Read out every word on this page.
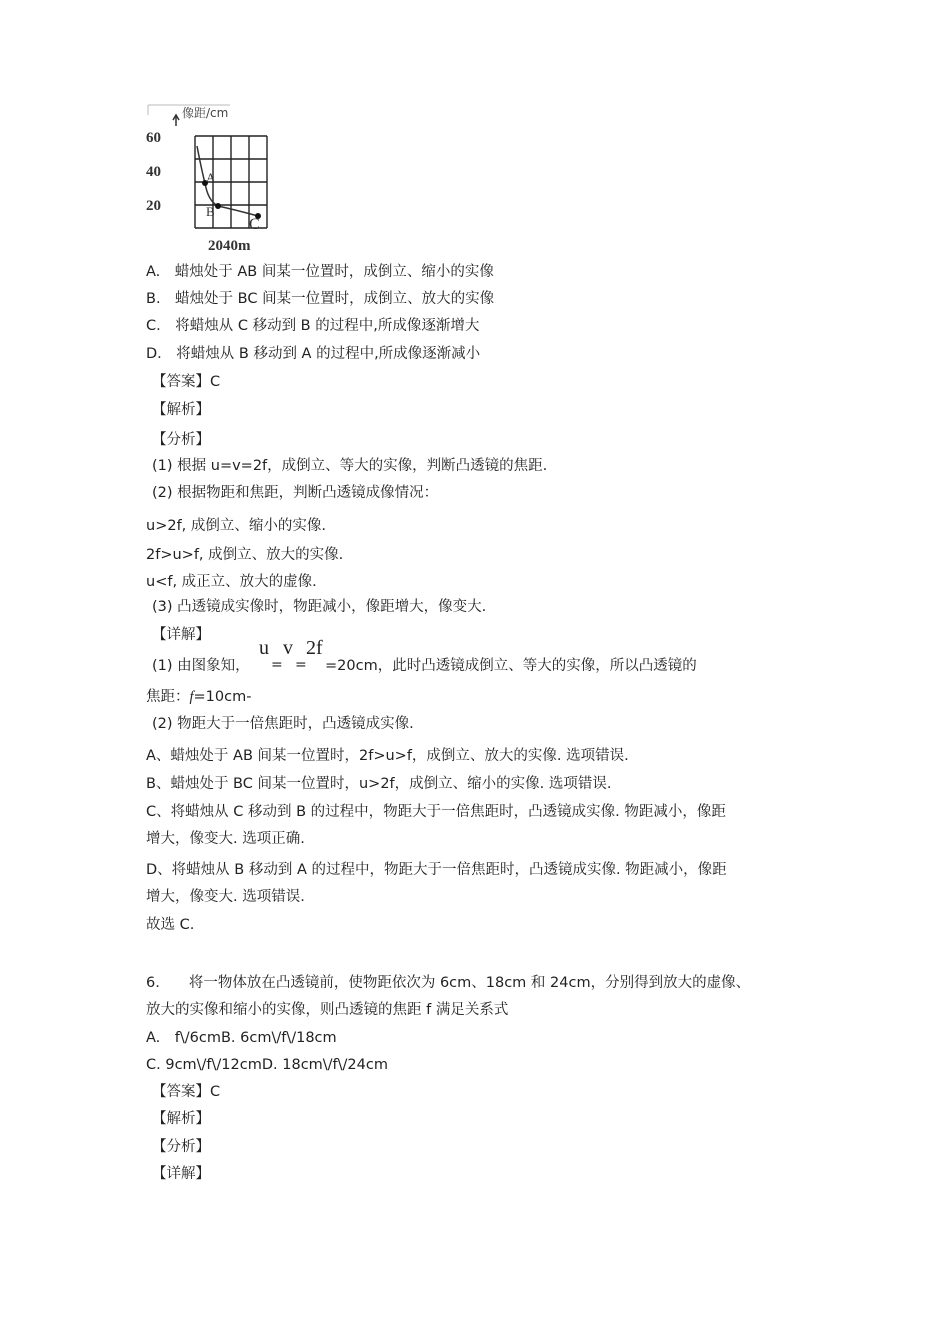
像距/cm
60
40
20
A
B
C
2040m
A.　蜡烛处于 AB 间某一位置时，成倒立、缩小的实像
B.　蜡烛处于 BC 间某一位置时，成倒立、放大的实像
C.　将蜡烛从 C 移动到 B 的过程中,所成像逐渐增大
D.　将蜡烛从 B 移动到 A 的过程中,所成像逐渐减小
【答案】C
【解析】
【分析】
(1) 根据 u=v=2f，成倒立、等大的实像，判断凸透镜的焦距.
(2) 根据物距和焦距，判断凸透镜成像情况：
u>2f, 成倒立、缩小的实像.
2f>u>f, 成倒立、放大的实像.
u<f, 成正立、放大的虚像.
(3) 凸透镜成实像时，物距减小，像距增大，像变大.
【详解】
(1) 由图象知，
u v 2f
= = =20cm，此时凸透镜成倒立、等大的实像，所以凸透镜的
焦距：f=10cm-
(2) 物距大于一倍焦距时，凸透镜成实像.
A、蜡烛处于 AB 间某一位置时，2f>u>f，成倒立、放大的实像. 选项错误.
B、蜡烛处于 BC 间某一位置时，u>2f，成倒立、缩小的实像. 选项错误.
C、将蜡烛从 C 移动到 B 的过程中，物距大于一倍焦距时，凸透镜成实像. 物距减小，像距
增大，像变大. 选项正确.
D、将蜡烛从 B 移动到 A 的过程中，物距大于一倍焦距时，凸透镜成实像. 物距减小，像距
增大，像变大. 选项错误.
故选 C.
6.　　将一物体放在凸透镜前，使物距依次为 6cm、18cm 和 24cm，分别得到放大的虚像、
放大的实像和缩小的实像，则凸透镜的焦距 f 满足关系式
A.　f\/6cmB. 6cm\/f\/18cm
C. 9cm\/f\/12cmD. 18cm\/f\/24cm
【答案】C
【解析】
【分析】
【详解】
